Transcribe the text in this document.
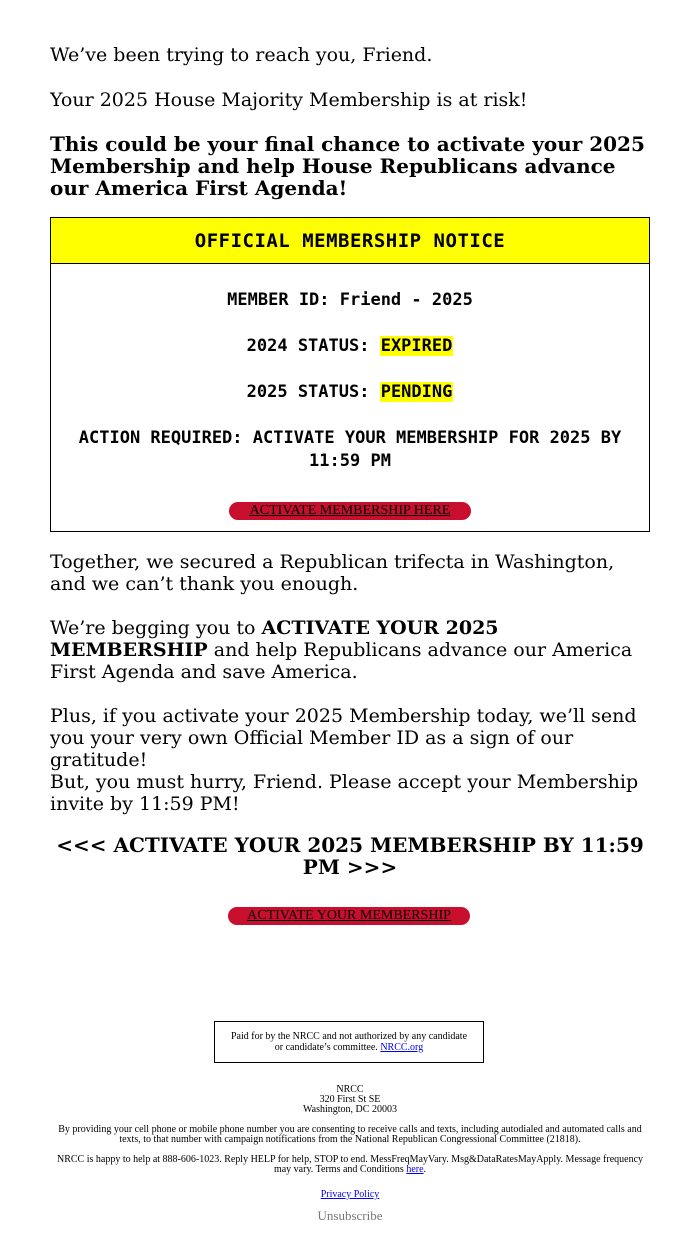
We’ve been trying to reach you, Friend.

Your 2025 House Majority Membership is at risk!

This could be your final chance to activate your 2025 Membership and help House Republicans advance our America First Agenda!

OFFICIAL MEMBERSHIP NOTICE
MEMBER ID: Friend - 2025
2024 STATUS: EXPIRED
2025 STATUS: PENDING
ACTION REQUIRED: ACTIVATE YOUR MEMBERSHIP FOR 2025 BY 11:59 PM
ACTIVATE MEMBERSHIP HERE

Together, we secured a Republican trifecta in Washington, and we can’t thank you enough.

We’re begging you to ACTIVATE YOUR 2025 MEMBERSHIP and help Republicans advance our America First Agenda and save America.

Plus, if you activate your 2025 Membership today, we’ll send you your very own Official Member ID as a sign of our gratitude!

But, you must hurry, Friend. Please accept your Membership invite by 11:59 PM!

<<< ACTIVATE YOUR 2025 MEMBERSHIP BY 11:59 PM >>>

ACTIVATE YOUR MEMBERSHIP
Paid for by the NRCC and not authorized by any candidate or candidate’s committee. NRCC.org
NRCC
320 First St SE
Washington, DC 20003
By providing your cell phone or mobile phone number you are consenting to receive calls and texts, including autodialed and automated calls and texts, to that number with campaign notifications from the National Republican Congressional Committee (21818).
NRCC is happy to help at 888-606-1023. Reply HELP for help, STOP to end. MessFreqMayVary. Msg&DataRatesMayApply. Message frequency may vary. Terms and Conditions here.
Privacy Policy
Unsubscribe
